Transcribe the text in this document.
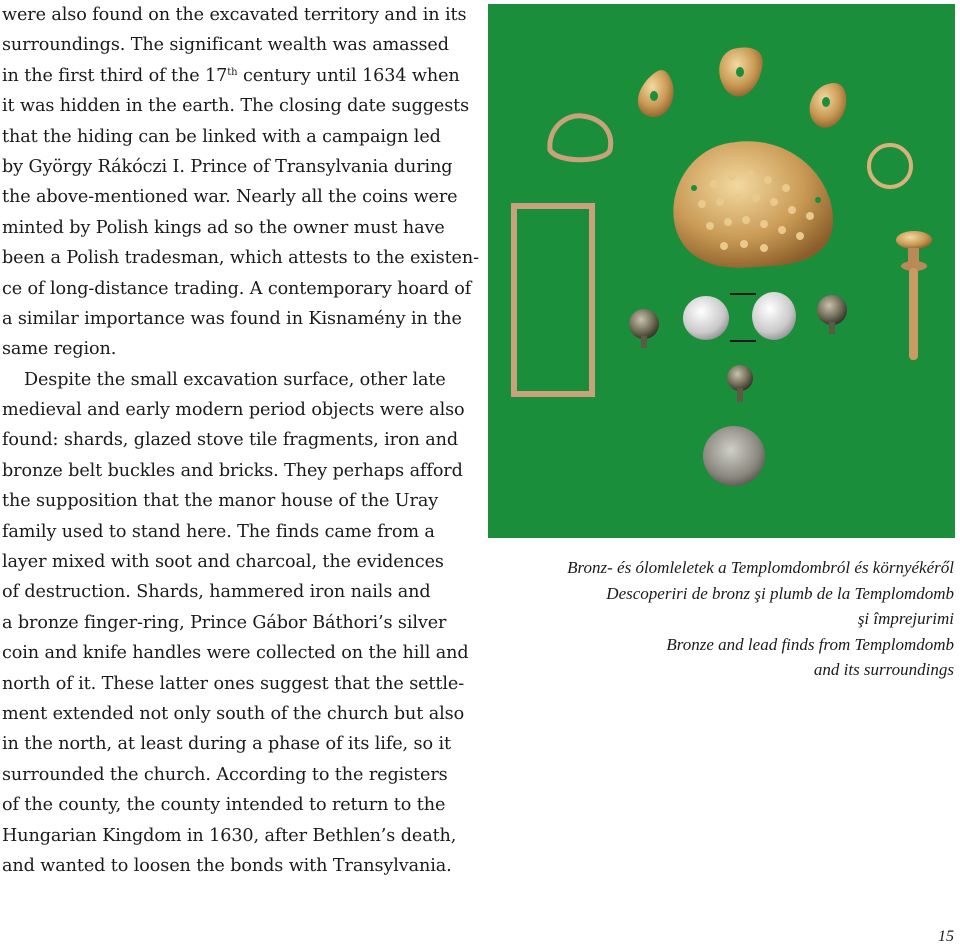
were also found on the excavated territory and in its
surroundings. The significant wealth was amassed
in the first third of the 17th century until 1634 when
it was hidden in the earth. The closing date suggests
that the hiding can be linked with a campaign led
by György Rákóczi I. Prince of Transylvania during
the above-mentioned war. Nearly all the coins were
minted by Polish kings ad so the owner must have
been a Polish tradesman, which attests to the existen-
ce of long-distance trading. A contemporary hoard of
a similar importance was found in Kisnamény in the
same region.
Despite the small excavation surface, other late
medieval and early modern period objects were also
found: shards, glazed stove tile fragments, iron and
bronze belt buckles and bricks. They perhaps afford
the supposition that the manor house of the Uray
family used to stand here. The finds came from a
layer mixed with soot and charcoal, the evidences
of destruction. Shards, hammered iron nails and
a bronze finger-ring, Prince Gábor Báthori’s silver
coin and knife handles were collected on the hill and
north of it. These latter ones suggest that the settle-
ment extended not only south of the church but also
in the north, at least during a phase of its life, so it
surrounded the church. According to the registers
of the county, the county intended to return to the
Hungarian Kingdom in 1630, after Bethlen’s death,
and wanted to loosen the bonds with Transylvania.
Bronz- és ólomleletek a Templomdombról és környékéről
Descoperiri de bronz şi plumb de la Templomdomb
şi împrejurimi
Bronze and lead finds from Templomdomb
and its surroundings
15
